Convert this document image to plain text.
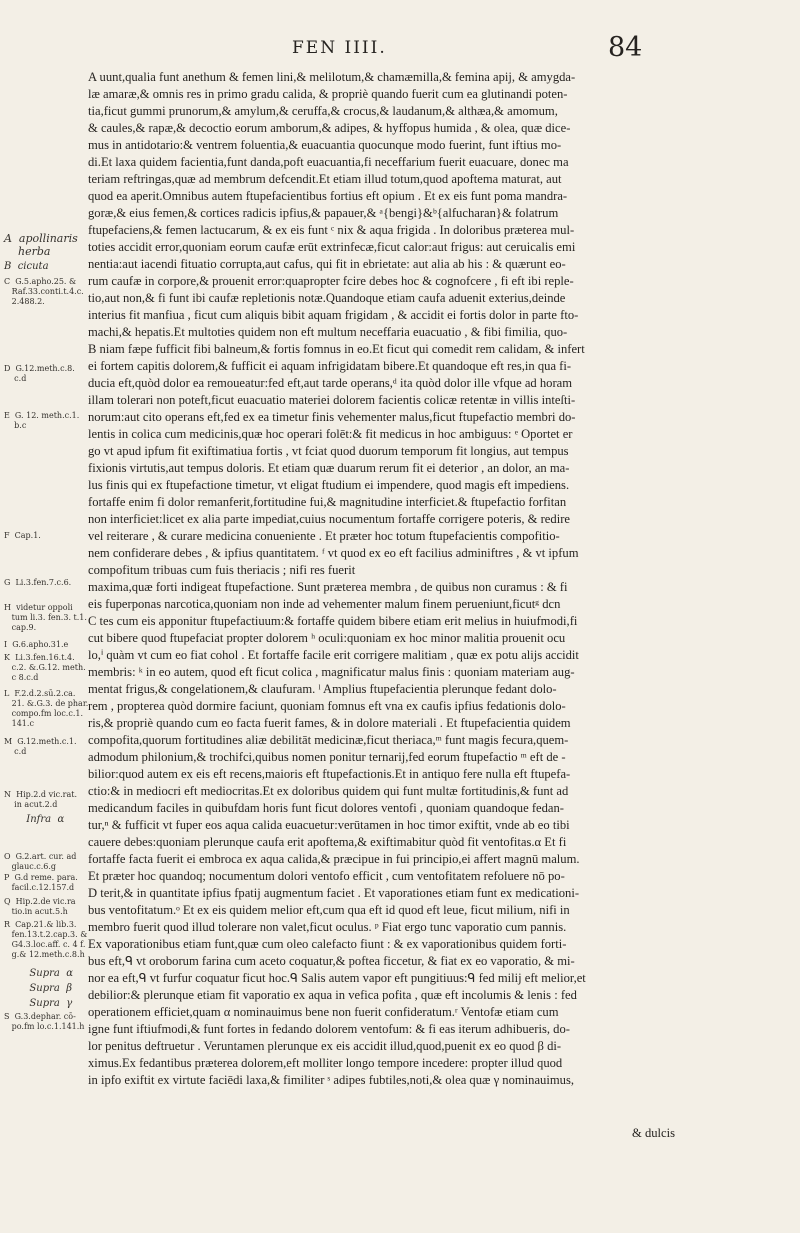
FEN IIII.	84
A  apollinaris
herba
B  cicuta
C  G.5.apho.25. &
Raf.33.conti.t.4.c.
2.488.2.
D  G.12.meth.c.8.
c.d
E  G. 12. meth.c.1.
b.c
F  Cap.1.
G  Li.3.fen.7.c.6.
H  videtur oppoli
tum li.3. fen.3. t.1.
cap.9.
I  G.6.apho.31.e
K  Li.3.fen.16.t.4.
c.2. &.G.12. meth.
c 8.c.d
L  F.2.d.2.sū.2.ca.
21. &.G.3. de phar.
compo.fm loc.c.1.
141.c
M  G.12.meth.c.1.
c.d
N  Hip.2.d vic.rat.
in acut.2.d
Infra  α
O  G.2.art. cur. ad
glauc.c.6.g
P  G.d reme. para.
facil.c.12.157.d
Q  Hip.2.de vic.ra
tio.in acut.5.h
R  Cap.21.& lib.3.
fen.13.t.2.cap.3. &
G4.3.loc.aff. c. 4 f.
g.& 12.meth.c.8.h
Supra  α
Supra  β
Supra  γ
S  G.3.dephar. cō-
po.fm lo.c.1.141.h
A uunt,qualia funt anethum & femen lini,& melilotum,& chamæmilla,& femina apij, & amygda-
læ amaræ,& omnis res in primo gradu calida, & propriè quando fuerit cum ea glutinandi poten-
tia,ficut gummi prunorum,& amylum,& ceruffa,& crocus,& laudanum,& althæa,& amomum,
& caules,& rapæ,& decoctio eorum amborum,& adipes, & hyffopus humida , & olea, quæ dice-
mus in antidotario:& ventrem foluentia,& euacuantia quocunque modo fuerint, funt iftius mo-
di.Et laxa quidem facientia,funt danda,poft euacuantia,fi neceffarium fuerit euacuare, donec ma
teriam reftringas,quæ ad membrum defcendit.Et etiam illud totum,quod apoftema maturat, aut
quod ea aperit.Omnibus autem ftupefacientibus fortius eft opium . Et ex eis funt poma mandra-
goræ,& eius femen,& cortices radicis ipfius,& papauer,& ᵃ{bengi}&ᵇ{alfucharan}& folatrum
ftupefaciens,& femen lactucarum, & ex eis funt ᶜ nix & aqua frigida . In doloribus præterea mul-
toties accidit error,quoniam eorum caufæ erūt extrinfecæ,ficut calor:aut frigus: aut ceruicalis emi
nentia:aut iacendi fituatio corrupta,aut cafus, qui fit in ebrietate: aut alia ab his : & quærunt eo-
rum caufæ in corpore,& prouenit error:quapropter fcire debes hoc & cognofcere , fi eft ibi reple-
tio,aut non,& fi funt ibi caufæ repletionis notæ.Quandoque etiam caufa aduenit exterius,deinde
interius fit manfiua , ficut cum aliquis bibit aquam frigidam , & accidit ei fortis dolor in parte fto-
machi,& hepatis.Et multoties quidem non eft multum neceffaria euacuatio , & fibi fimilia, quo-
B niam fæpe fufficit fibi balneum,& fortis fomnus in eo.Et ficut qui comedit rem calidam, & infert
ei fortem capitis dolorem,& fufficit ei aquam infrigidatam bibere.Et quandoque eft res,in qua fi-
ducia eft,quòd dolor ea remoueatur:fed eft,aut tarde operans,ᵈ ita quòd dolor ille vfque ad horam
illam tolerari non poteft,ficut euacuatio materiei dolorem facientis colicæ retentæ in villis inteſti-
norum:aut cito operans eft,fed ex ea timetur finis vehementer malus,ficut ftupefactio membri do-
lentis in colica cum medicinis,quæ hoc operari folēt:& fit medicus in hoc ambiguus: ᵉ Oportet er
go vt apud ipfum fit exiftimatiua fortis , vt fciat quod duorum temporum fit longius, aut tempus
fixionis virtutis,aut tempus doloris. Et etiam quæ duarum rerum fit ei deterior , an dolor, an ma-
lus finis qui ex ftupefactione timetur, vt eligat ftudium ei impendere, quod magis eft impediens.
fortaffe enim fi dolor remanferit,fortitudine fui,& magnitudine interficiet.& ftupefactio forfitan
non interficiet:licet ex alia parte impediat,cuius nocumentum fortaffe corrigere poteris, & redire
vel reiterare , & curare medicina conueniente . Et præter hoc totum ftupefacientis compofitio-
nem confiderare debes , & ipfius quantitatem. ᶠ vt quod ex eo eft facilius adminiftres , & vt ipfum
compofitum tribuas cum fuis theriacis ; nifi res fuerit
maxima,quæ forti indigeat ftupefactione. Sunt præterea membra , de quibus non curamus : & fi
eis fuperponas narcotica,quoniam non inde ad vehementer malum finem perueniunt,ficutᵍ dcn
C tes cum eis apponitur ftupefactiuum:& fortaffe quidem bibere etiam erit melius in huiufmodi,fi
cut bibere quod ftupefaciat propter dolorem ʰ oculi:quoniam ex hoc minor malitia prouenit ocu
lo,ⁱ quàm vt cum eo fiat cohol . Et fortaffe facile erit corrigere malitiam , quæ ex potu alijs accidit
membris: ᵏ in eo autem, quod eft ficut colica , magnificatur malus finis : quoniam materiam aug-
mentat frigus,& congelationem,& claufuram. ˡ Amplius ftupefacientia plerunque fedant dolo-
rem , propterea quòd dormire faciunt, quoniam fomnus eft vna ex caufis ipfius fedationis dolo-
ris,& propriè quando cum eo facta fuerit fames, & in dolore materiali . Et ftupefacientia quidem
compofita,quorum fortitudines aliæ debilitāt medicinæ,ficut theriaca,ᵐ funt magis fecura,quem-
admodum philonium,& trochifci,quibus nomen ponitur ternarij,fed eorum ftupefactio ᵐ eft de -
bilior:quod autem ex eis eft recens,maioris eft ftupefactionis.Et in antiquo fere nulla eft ftupefa-
ctio:& in mediocri eft mediocritas.Et ex doloribus quidem qui funt multæ fortitudinis,& funt ad
medicandum faciles in quibufdam horis funt ficut dolores ventofi , quoniam quandoque fedan-
tur,ⁿ & fufficit vt fuper eos aqua calida euacuetur:verūtamen in hoc timor exiftit, vnde ab eo tibi
cauere debes:quoniam plerunque caufa erit apoftema,& exiftimabitur quòd fit ventofitas.α Et fi
fortaffe facta fuerit ei embroca ex aqua calida,& præcipue in fui principio,ei affert magnū malum.
Et præter hoc quandoq; nocumentum dolori ventofo efficit , cum ventofitatem refoluere nō po-
D terit,& in quantitate ipfius fpatij augmentum faciet . Et vaporationes etiam funt ex medicationi-
bus ventofitatum.ᵒ Et ex eis quidem melior eft,cum qua eft id quod eft leue, ficut milium, nifi in
membro fuerit quod illud tolerare non valet,ficut oculus. ᵖ Fiat ergo tunc vaporatio cum pannis.
Ex vaporationibus etiam funt,quæ cum oleo calefacto fiunt : & ex vaporationibus quidem forti-
bus eft,ᑫ vt oroborum farina cum aceto coquatur,& poftea ficcetur, & fiat ex eo vaporatio, & mi-
nor ea eft,ᑫ vt furfur coquatur ficut hoc.ᑫ Salis autem vapor eft pungitiuus:ᑫ fed milij eft melior,et
debilior:& plerunque etiam fit vaporatio ex aqua in vefica pofita , quæ eft incolumis & lenis : fed
operationem efficiet,quam α nominauimus bene non fuerit confideratum.ʳ Ventofæ etiam cum
igne funt iftiufmodi,& funt fortes in fedando dolorem ventofum: & fi eas iterum adhibueris, do-
lor penitus deftruetur . Veruntamen plerunque ex eis accidit illud,quod,puenit ex eo quod β di-
ximus.Ex fedantibus præterea dolorem,eft molliter longo tempore incedere: propter illud quod
in ipfo exiftit ex virtute faciēdi laxa,& fimiliter ˢ adipes fubtiles,noti,& olea quæ γ nominauimus,
& dulcis
